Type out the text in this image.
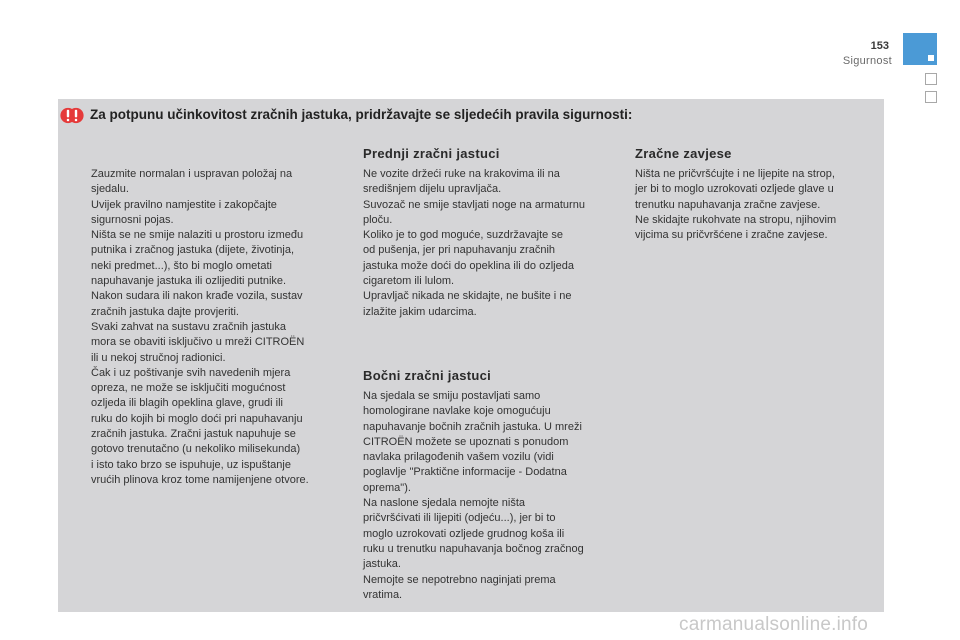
153
Sigurnost
Za potpunu učinkovitost zračnih jastuka, pridržavajte se sljedećih pravila sigurnosti:

Zauzmite normalan i uspravan položaj na
sjedalu.
Uvijek pravilno namjestite i zakopčajte
sigurnosni pojas.
Ništa se ne smije nalaziti u prostoru između
putnika i zračnog jastuka (dijete, životinja,
neki predmet...), što bi moglo ometati
napuhavanje jastuka ili ozlijediti putnike.
Nakon sudara ili nakon krađe vozila, sustav
zračnih jastuka dajte provjeriti.
Svaki zahvat na sustavu zračnih jastuka
mora se obaviti isključivo u mreži CITROËN
ili u nekoj stručnoj radionici.
Čak i uz poštivanje svih navedenih mjera
opreza, ne može se isključiti mogućnost
ozljeda ili blagih opeklina glave, grudi ili
ruku do kojih bi moglo doći pri napuhavanju
zračnih jastuka. Zračni jastuk napuhuje se
gotovo trenutačno (u nekoliko milisekunda)
i isto tako brzo se ispuhuje, uz ispuštanje
vrućih plinova kroz tome namijenjene otvore.

Prednji zračni jastuci

Ne vozite držeći ruke na krakovima ili na
središnjem dijelu upravljača.
Suvozač ne smije stavljati noge na armaturnu
ploču.
Koliko je to god moguće, suzdržavajte se
od pušenja, jer pri napuhavanju zračnih
jastuka može doći do opeklina ili do ozljeda
cigaretom ili lulom.
Upravljač nikada ne skidajte, ne bušite i ne
izlažite jakim udarcima.

Bočni zračni jastuci

Na sjedala se smiju postavljati samo
homologirane navlake koje omogućuju
napuhavanje bočnih zračnih jastuka. U mreži
CITROËN možete se upoznati s ponudom
navlaka prilagođenih vašem vozilu (vidi
poglavlje "Praktične informacije - Dodatna
oprema").
Na naslone sjedala nemojte ništa
pričvršćivati ili lijepiti (odjeću...), jer bi to
moglo uzrokovati ozljede grudnog koša ili
ruku u trenutku napuhavanja bočnog zračnog
jastuka.
Nemojte se nepotrebno naginjati prema
vratima.

Zračne zavjese

Ništa ne pričvršćujte i ne lijepite na strop,
jer bi to moglo uzrokovati ozljede glave u
trenutku napuhavanja zračne zavjese.
Ne skidajte rukohvate na stropu, njihovim
vijcima su pričvršćene i zračne zavjese.

carmanualsonline.info
